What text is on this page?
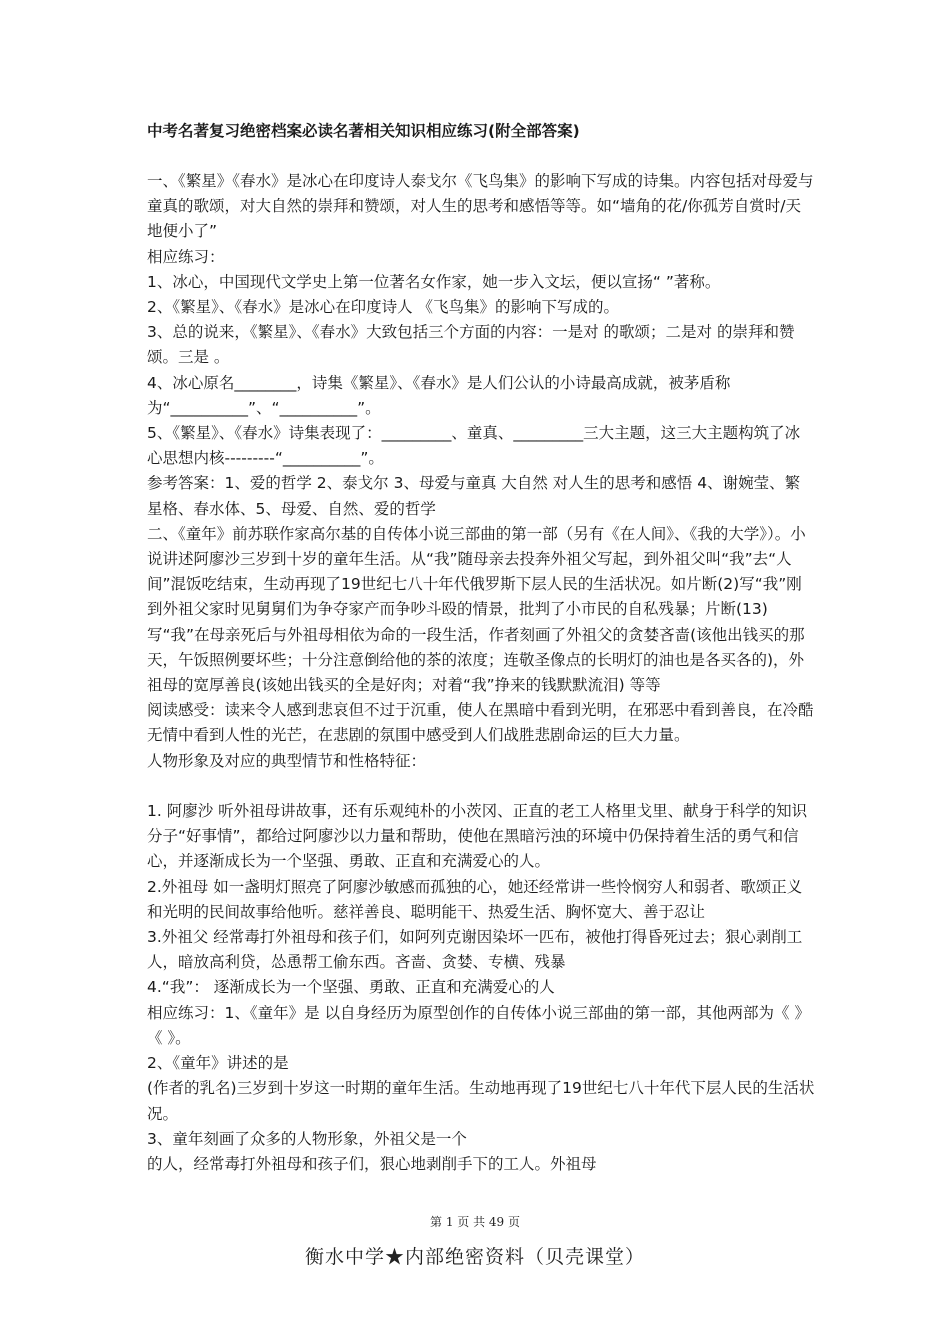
中考名著复习绝密档案必读名著相关知识相应练习(附全部答案)

一、《繁星》《春水》是冰心在印度诗人泰戈尔《飞鸟集》的影响下写成的诗集。内容包括对母爱与童真的歌颂，对大自然的崇拜和赞颂，对人生的思考和感悟等等。如“墙角的花/你孤芳自赏时/天地便小了”

相应练习：

1、冰心，中国现代文学史上第一位著名女作家，她一步入文坛，便以宣扬“ ”著称。

2、《繁星》、《春水》是冰心在印度诗人 《飞鸟集》的影响下写成的。

3、总的说来，《繁星》、《春水》大致包括三个方面的内容：一是对 的歌颂；二是对 的崇拜和赞颂。三是 。

4、冰心原名________，诗集《繁星》、《春水》是人们公认的小诗最高成就，被茅盾称为“__________”、“__________”。

5、《繁星》、《春水》诗集表现了：_________、童真、_________三大主题，这三大主题构筑了冰心思想内核---------“__________”。

参考答案：1、爱的哲学 2、泰戈尔 3、母爱与童真 大自然 对人生的思考和感悟 4、谢婉莹、繁星格、春水体、5、母爱、自然、爱的哲学

二、《童年》前苏联作家高尔基的自传体小说三部曲的第一部（另有《在人间》、《我的大学》）。小说讲述阿廖沙三岁到十岁的童年生活。从“我”随母亲去投奔外祖父写起，到外祖父叫“我”去“人间”混饭吃结束，生动再现了19世纪七八十年代俄罗斯下层人民的生活状况。如片断(2)写“我”刚到外祖父家时见舅舅们为争夺家产而争吵斗殴的情景，批判了小市民的自私残暴；片断(13)写“我”在母亲死后与外祖母相依为命的一段生活，作者刻画了外祖父的贪婪吝啬(该他出钱买的那天，午饭照例要坏些；十分注意倒给他的茶的浓度；连敬圣像点的长明灯的油也是各买各的)，外祖母的宽厚善良(该她出钱买的全是好肉；对着“我”挣来的钱默默流泪) 等等

阅读感受：读来令人感到悲哀但不过于沉重，使人在黑暗中看到光明，在邪恶中看到善良，在冷酷无情中看到人性的光芒，在悲剧的氛围中感受到人们战胜悲剧命运的巨大力量。

人物形象及对应的典型情节和性格特征：

1. 阿廖沙 听外祖母讲故事，还有乐观纯朴的小茨冈、正直的老工人格里戈里、献身于科学的知识分子“好事情”，都给过阿廖沙以力量和帮助，使他在黑暗污浊的环境中仍保持着生活的勇气和信心，并逐渐成长为一个坚强、勇敢、正直和充满爱心的人。

2.外祖母 如一盏明灯照亮了阿廖沙敏感而孤独的心，她还经常讲一些怜悯穷人和弱者、歌颂正义和光明的民间故事给他听。慈祥善良、聪明能干、热爱生活、胸怀宽大、善于忍让

3.外祖父 经常毒打外祖母和孩子们，如阿列克谢因染坏一匹布，被他打得昏死过去；狠心剥削工人，暗放高利贷，怂恿帮工偷东西。吝啬、贪婪、专横、残暴

4.“我”： 逐渐成长为一个坚强、勇敢、正直和充满爱心的人

相应练习：1、《童年》是 以自身经历为原型创作的自传体小说三部曲的第一部，其他两部为《 》《 》。

2、《童年》讲述的是

(作者的乳名)三岁到十岁这一时期的童年生活。生动地再现了19世纪七八十年代下层人民的生活状况。

3、童年刻画了众多的人物形象，外祖父是一个

的人，经常毒打外祖母和孩子们，狠心地剥削手下的工人。外祖母

第 1 页 共 49 页
衡水中学★内部绝密资料（贝壳课堂）
